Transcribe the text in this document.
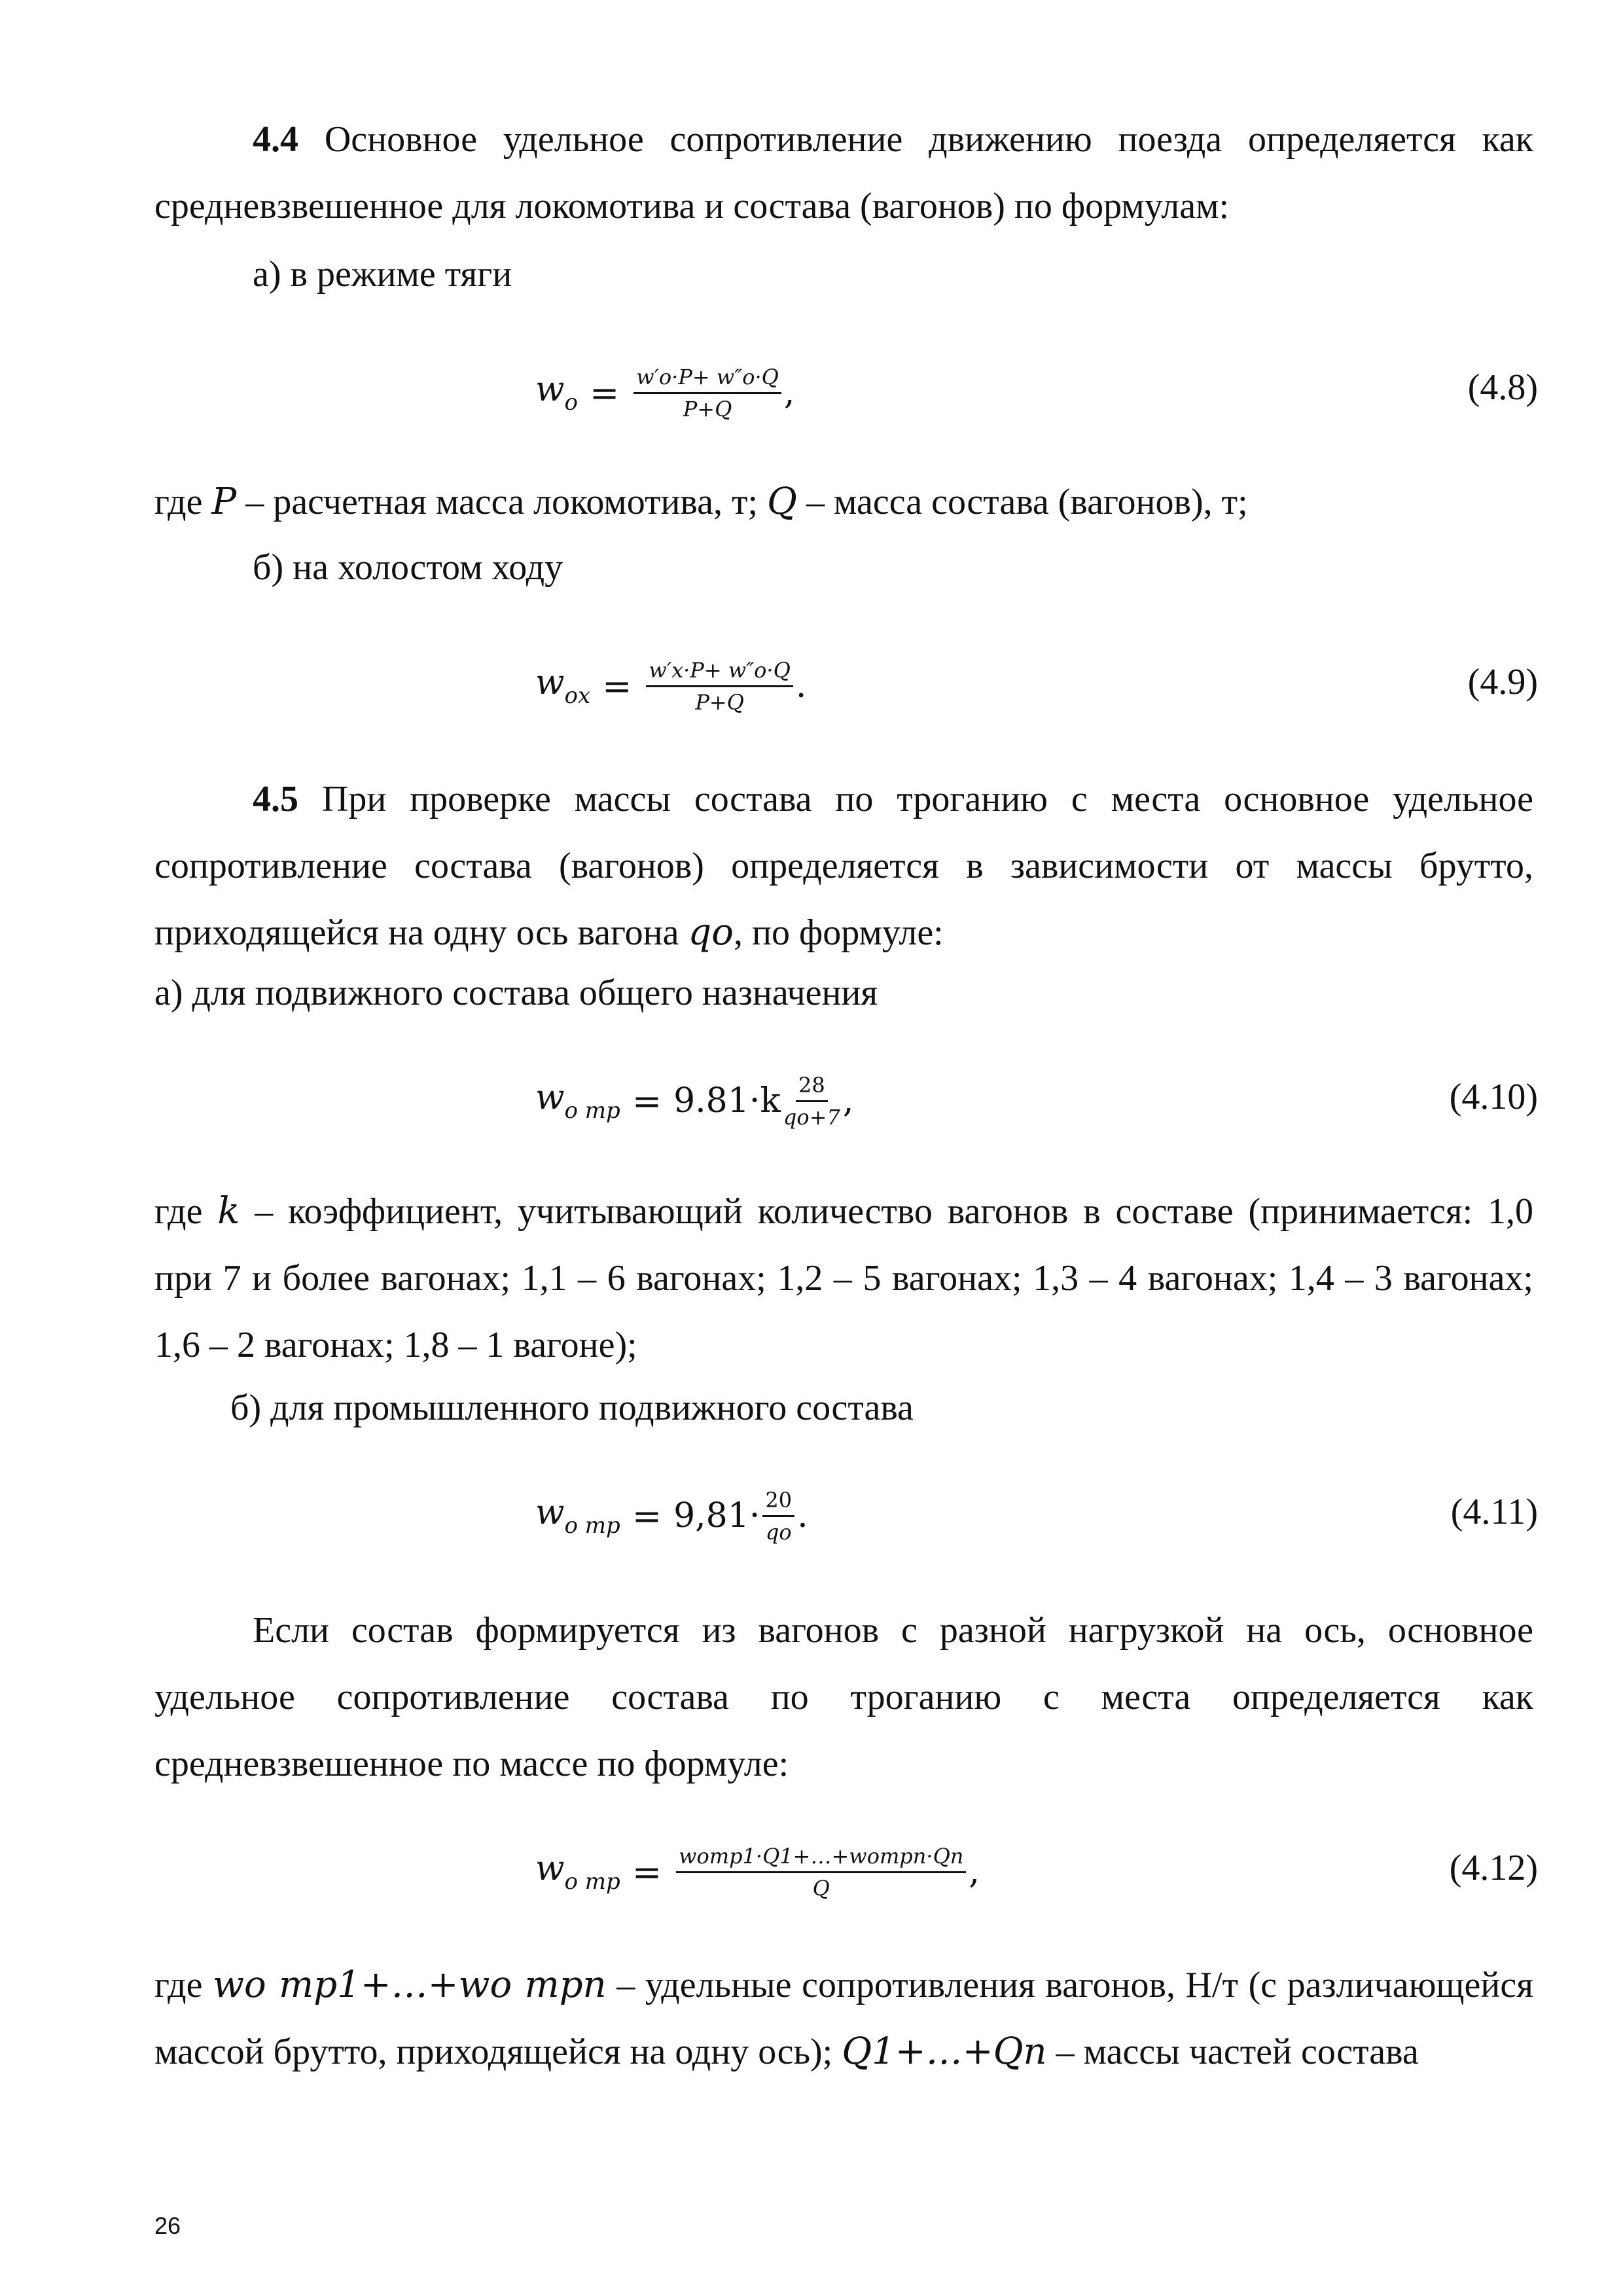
4.4 Основное удельное сопротивление движению поезда определяется как средневзвешенное для локомотива и состава (вагонов) по формулам:

а) в режиме тяги
$w_o = \frac{w'o\cdot P+ w''o\cdot Q}{P+Q}$ ,	(4.8)
где P – расчетная масса локомотива, т; Q – масса состава (вагонов), т;
б) на холостом ходу
$w_{ox} = \frac{w'x\cdot P+ w''o\cdot Q}{P+Q}$ .	(4.9)

4.5 При проверке массы состава по троганию с места основное удельное сопротивление состава (вагонов) определяется в зависимости от массы брутто, приходящейся на одну ось вагона qo, по формуле:

а) для подвижного состава общего назначения
$w_{o mp} = 9.81\cdot k \frac{28}{qo+7}$ ,	(4.10)

где k – коэффициент, учитывающий количество вагонов в составе (принимается: 1,0 при 7 и более вагонах; 1,1 – 6 вагонах; 1,2 – 5 вагонах; 1,3 – 4 вагонах; 1,4 – 3 вагонах; 1,6 – 2 вагонах; 1,8 – 1 вагоне);

б) для промышленного подвижного состава
$w_{o mp} = 9,81\cdot \frac{20}{qo}$ .	(4.11)

Если состав формируется из вагонов с разной нагрузкой на ось, основное удельное сопротивление состава по троганию с места определяется как средневзвешенное по массе по формуле:

$w_{o mp} = \frac{\text{womp1·Q1+…+wompn·Qn}}{Q}$ ,	(4.12)

где wo mp1+…+wo mpn – удельные сопротивления вагонов, Н/т (с различающейся массой брутто, приходящейся на одну ось); Q1+…+Qn – массы частей состава

26
